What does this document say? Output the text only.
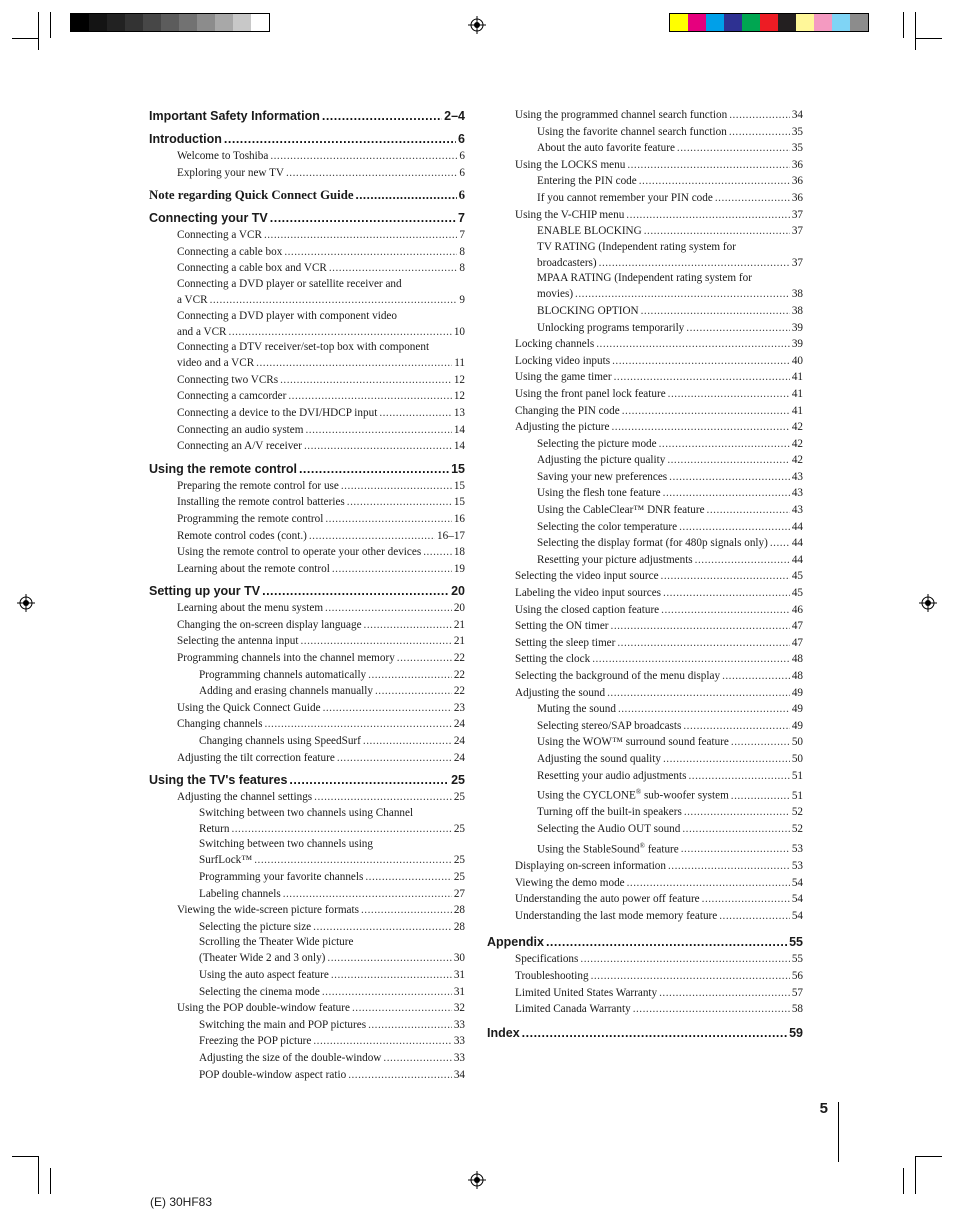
Important Safety Information .....	2–4
Introduction .....	6
Welcome to Toshiba .....	6
Exploring your new TV .....	6
Note regarding Quick Connect Guide .....	6
Connecting your TV .....	7
Connecting a VCR .....	7
Connecting a cable box .....	8
Connecting a cable box and VCR .....	8
Connecting a DVD player or satellite receiver and
a VCR .....	9
Connecting a DVD player with component video
and a VCR .....	10
Connecting a DTV receiver/set-top box with component
video and a VCR .....	11
Connecting two VCRs .....	12
Connecting a camcorder .....	12
Connecting a device to the DVI/HDCP input .....	13
Connecting an audio system .....	14
Connecting an A/V receiver .....	14
Using the remote control .....	15
Preparing the remote control for use .....	15
Installing the remote control batteries .....	15
Programming the remote control .....	16
Remote control codes (cont.) .....	16–17
Using the remote control to operate your other devices .....	18
Learning about the remote control .....	19
Setting up your TV .....	20
Learning about the menu system .....	20
Changing the on-screen display language .....	21
Selecting the antenna input .....	21
Programming channels into the channel memory .....	22
Programming channels automatically .....	22
Adding and erasing channels manually .....	22
Using the Quick Connect Guide .....	23
Changing channels .....	24
Changing channels using SpeedSurf .....	24
Adjusting the tilt correction feature .....	24
Using the TV's features .....	25
Adjusting the channel settings .....	25
Switching between two channels using Channel
Return .....	25
Switching between two channels using
SurfLock™ .....	25
Programming your favorite channels .....	25
Labeling channels .....	27
Viewing the wide-screen picture formats .....	28
Selecting the picture size .....	28
Scrolling the Theater Wide picture
(Theater Wide 2 and 3 only) .....	30
Using the auto aspect feature .....	31
Selecting the cinema mode .....	31
Using the POP double-window feature .....	32
Switching the main and POP pictures .....	33
Freezing the POP picture .....	33
Adjusting the size of the double-window .....	33
POP double-window aspect ratio .....	34
Using the programmed channel search function .....	34
Using the favorite channel search function .....	35
About the auto favorite feature .....	35
Using the LOCKS menu .....	36
Entering the PIN code .....	36
If you cannot remember your PIN code .....	36
Using the V-CHIP menu .....	37
ENABLE BLOCKING .....	37
TV RATING (Independent rating system for
broadcasters) .....	37
MPAA RATING (Independent rating system for
movies) .....	38
BLOCKING OPTION .....	38
Unlocking programs temporarily .....	39
Locking channels .....	39
Locking video inputs .....	40
Using the game timer .....	41
Using the front panel lock feature .....	41
Changing the PIN code .....	41
Adjusting the picture .....	42
Selecting the picture mode .....	42
Adjusting the picture quality .....	42
Saving your new preferences .....	43
Using the flesh tone feature .....	43
Using the CableClear™ DNR feature .....	43
Selecting the color temperature .....	44
Selecting the display format (for 480p signals only) ..... 44
Resetting your picture adjustments .....	44
Selecting the video input source .....	45
Labeling the video input sources .....	45
Using the closed caption feature .....	46
Setting the ON timer .....	47
Setting the sleep timer .....	47
Setting the clock .....	48
Selecting the background of the menu display .....	48
Adjusting the sound .....	49
Muting the sound .....	49
Selecting stereo/SAP broadcasts .....	49
Using the WOW™ surround sound feature .....	50
Adjusting the sound quality .....	50
Resetting your audio adjustments .....	51
Using the CYCLONE® sub-woofer system .....	51
Turning off the built-in speakers .....	52
Selecting the Audio OUT sound .....	52
Using the StableSound® feature .....	53
Displaying on-screen information .....	53
Viewing the demo mode .....	54
Understanding the auto power off feature .....	54
Understanding the last mode memory feature .....	54
Appendix .....	55
Specifications .....	55
Troubleshooting .....	56
Limited United States Warranty .....	57
Limited Canada Warranty .....	58
Index .....	59
5
(E) 30HF83
